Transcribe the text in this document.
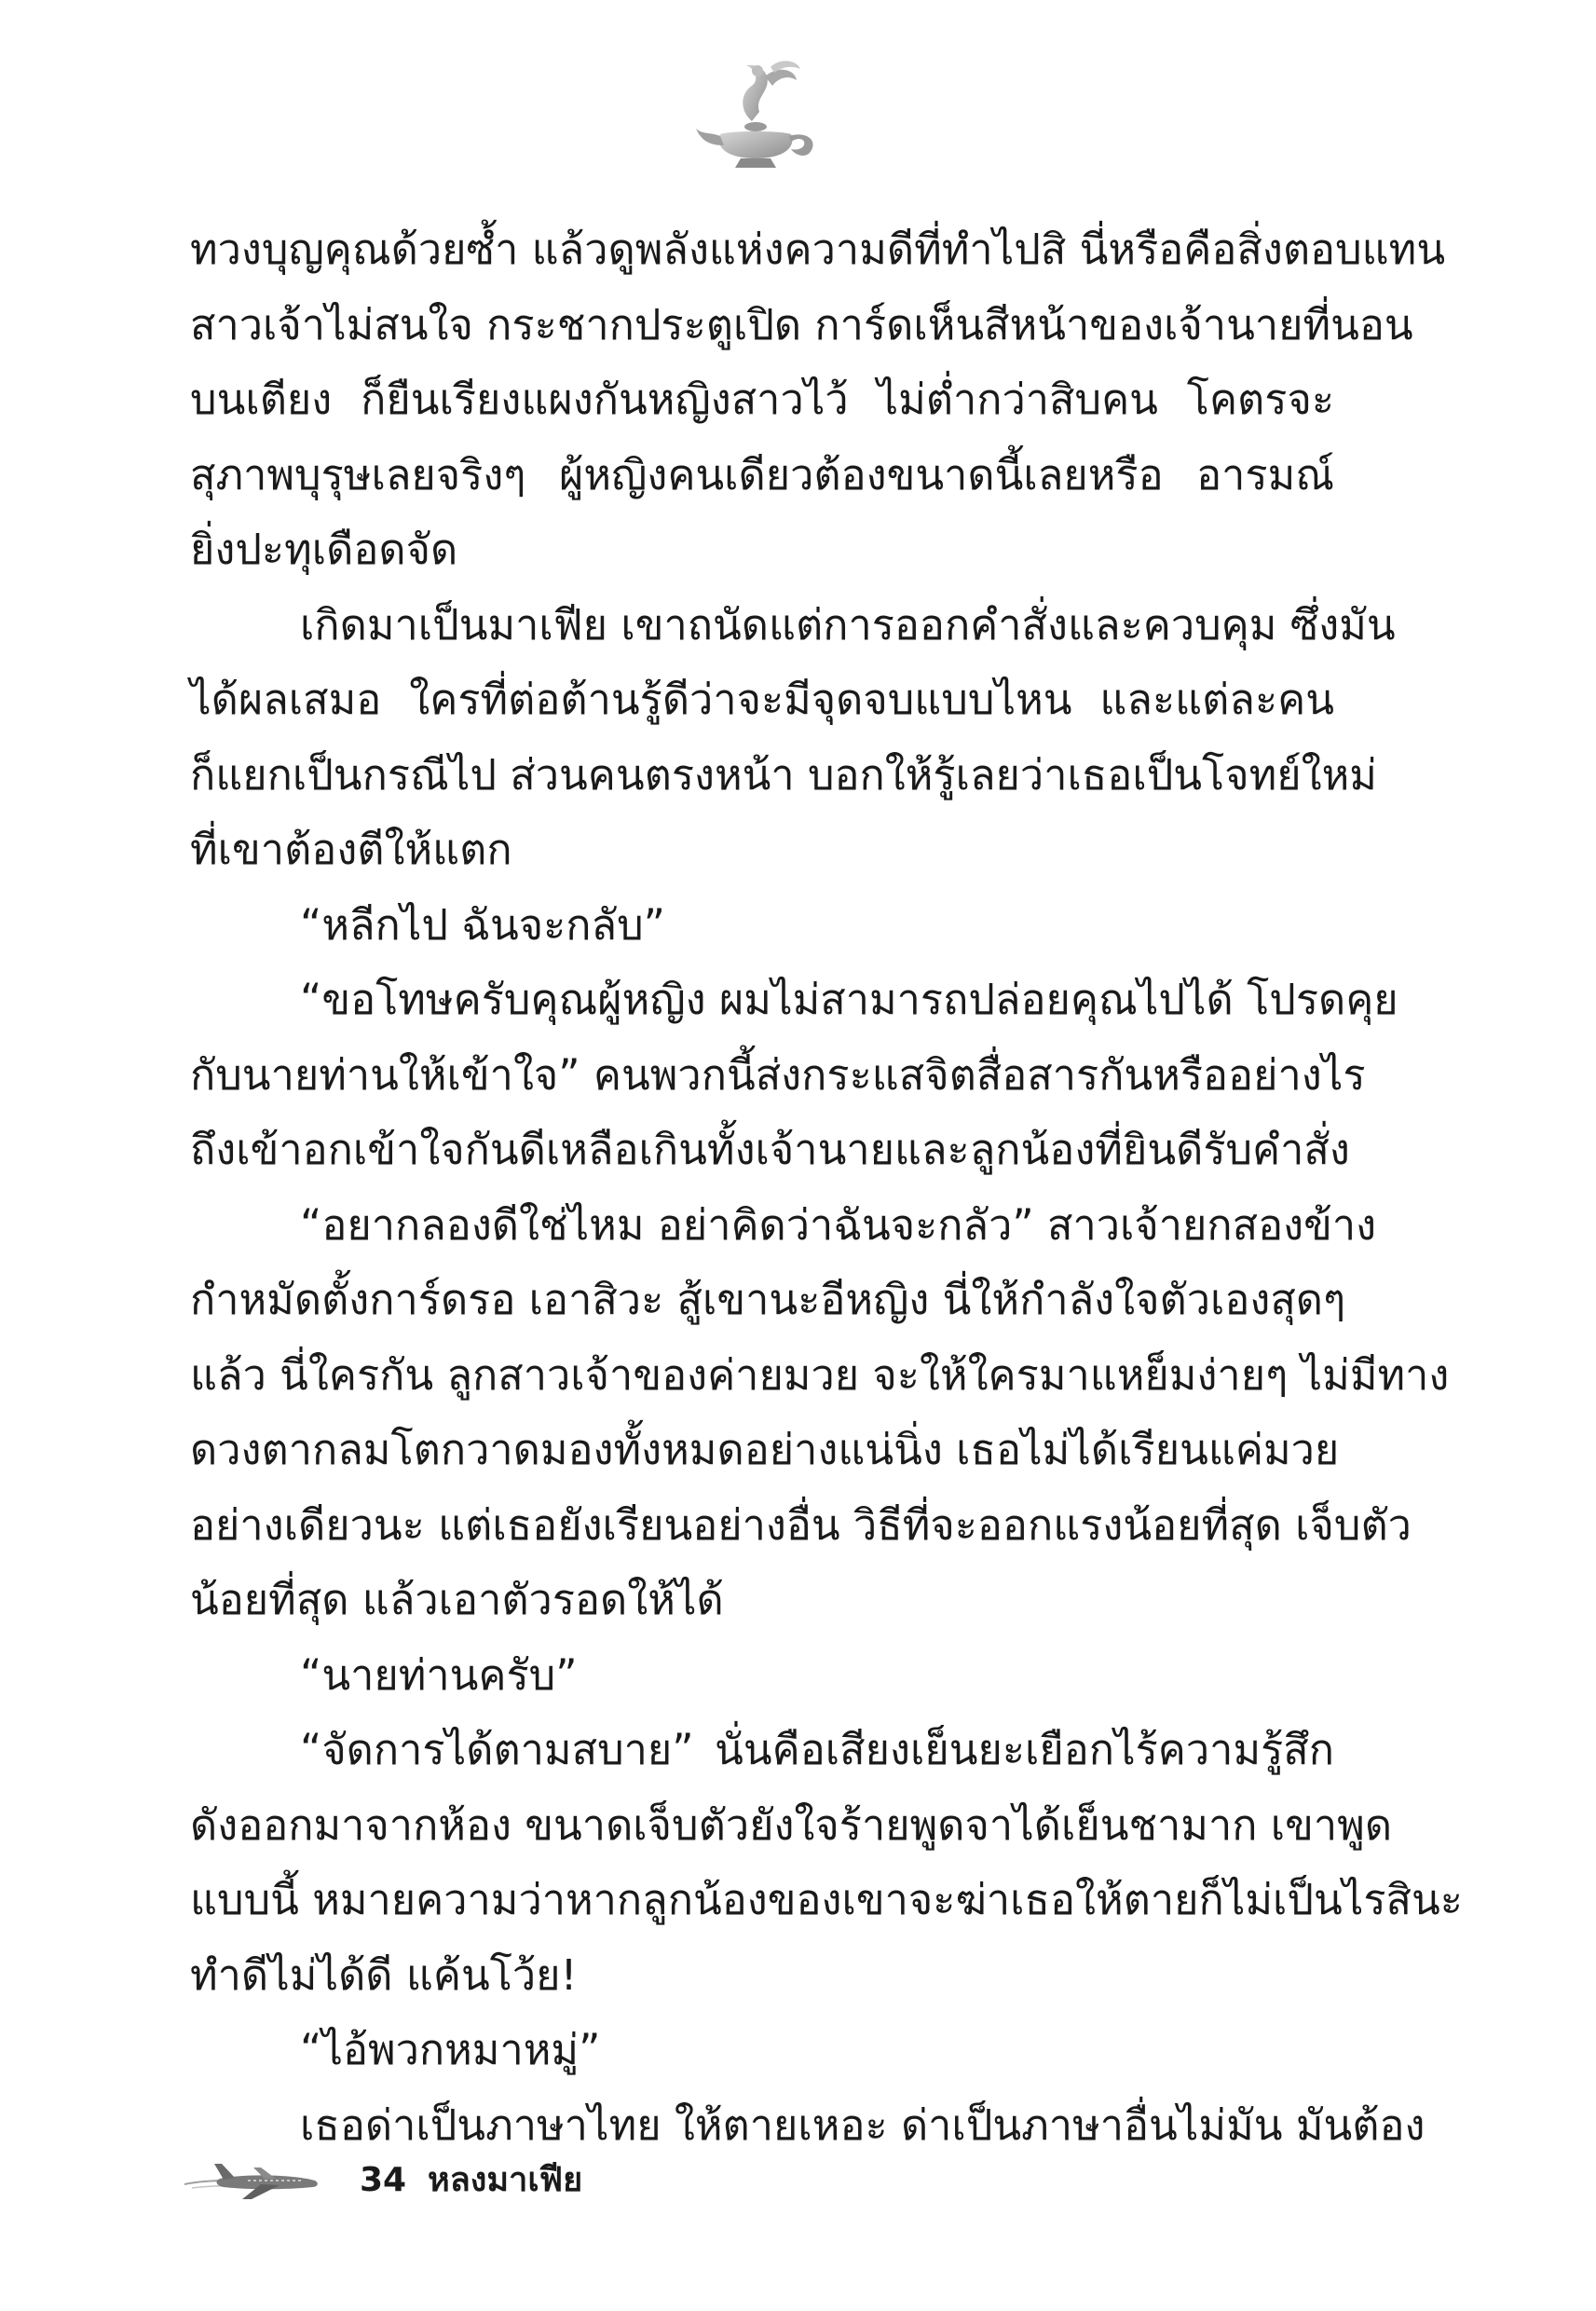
ทวงบุญคุณด้วยซ้ำ แล้วดูพลังแห่งความดีที่ทำไปสิ นี่หรือคือสิ่งตอบแทน
สาวเจ้าไม่สนใจ กระชากประตูเปิด การ์ดเห็นสีหน้าของเจ้านายที่นอน
บนเตียง ก็ยืนเรียงแผงกันหญิงสาวไว้ ไม่ต่ำกว่าสิบคน โคตรจะ
สุภาพบุรุษเลยจริงๆ ผู้หญิงคนเดียวต้องขนาดนี้เลยหรือ อารมณ์
ยิ่งปะทุเดือดจัด
เกิดมาเป็นมาเฟีย เขาถนัดแต่การออกคำสั่งและควบคุม ซึ่งมัน
ได้ผลเสมอ ใครที่ต่อต้านรู้ดีว่าจะมีจุดจบแบบไหน และแต่ละคน
ก็แยกเป็นกรณีไป ส่วนคนตรงหน้า บอกให้รู้เลยว่าเธอเป็นโจทย์ใหม่
ที่เขาต้องตีให้แตก
“หลีกไป ฉันจะกลับ”
“ขอโทษครับคุณผู้หญิง ผมไม่สามารถปล่อยคุณไปได้ โปรดคุย
กับนายท่านให้เข้าใจ” คนพวกนี้ส่งกระแสจิตสื่อสารกันหรืออย่างไร
ถึงเข้าอกเข้าใจกันดีเหลือเกินทั้งเจ้านายและลูกน้องที่ยินดีรับคำสั่ง
“อยากลองดีใช่ไหม อย่าคิดว่าฉันจะกลัว” สาวเจ้ายกสองข้าง
กำหมัดตั้งการ์ดรอ เอาสิวะ สู้เขานะอีหญิง นี่ให้กำลังใจตัวเองสุดๆ
แล้ว นี่ใครกัน ลูกสาวเจ้าของค่ายมวย จะให้ใครมาแหย็มง่ายๆ ไม่มีทาง
ดวงตากลมโตกวาดมองทั้งหมดอย่างแน่นิ่ง เธอไม่ได้เรียนแค่มวย
อย่างเดียวนะ แต่เธอยังเรียนอย่างอื่น วิธีที่จะออกแรงน้อยที่สุด เจ็บตัว
น้อยที่สุด แล้วเอาตัวรอดให้ได้
“นายท่านครับ”
“จัดการได้ตามสบาย” นั่นคือเสียงเย็นยะเยือกไร้ความรู้สึก
ดังออกมาจากห้อง ขนาดเจ็บตัวยังใจร้ายพูดจาได้เย็นชามาก เขาพูด
แบบนี้ หมายความว่าหากลูกน้องของเขาจะฆ่าเธอให้ตายก็ไม่เป็นไรสินะ
ทำดีไม่ได้ดี แค้นโว้ย!
“ไอ้พวกหมาหมู่”
เธอด่าเป็นภาษาไทย ให้ตายเหอะ ด่าเป็นภาษาอื่นไม่มัน มันต้อง
34 หลงมาเฟีย
